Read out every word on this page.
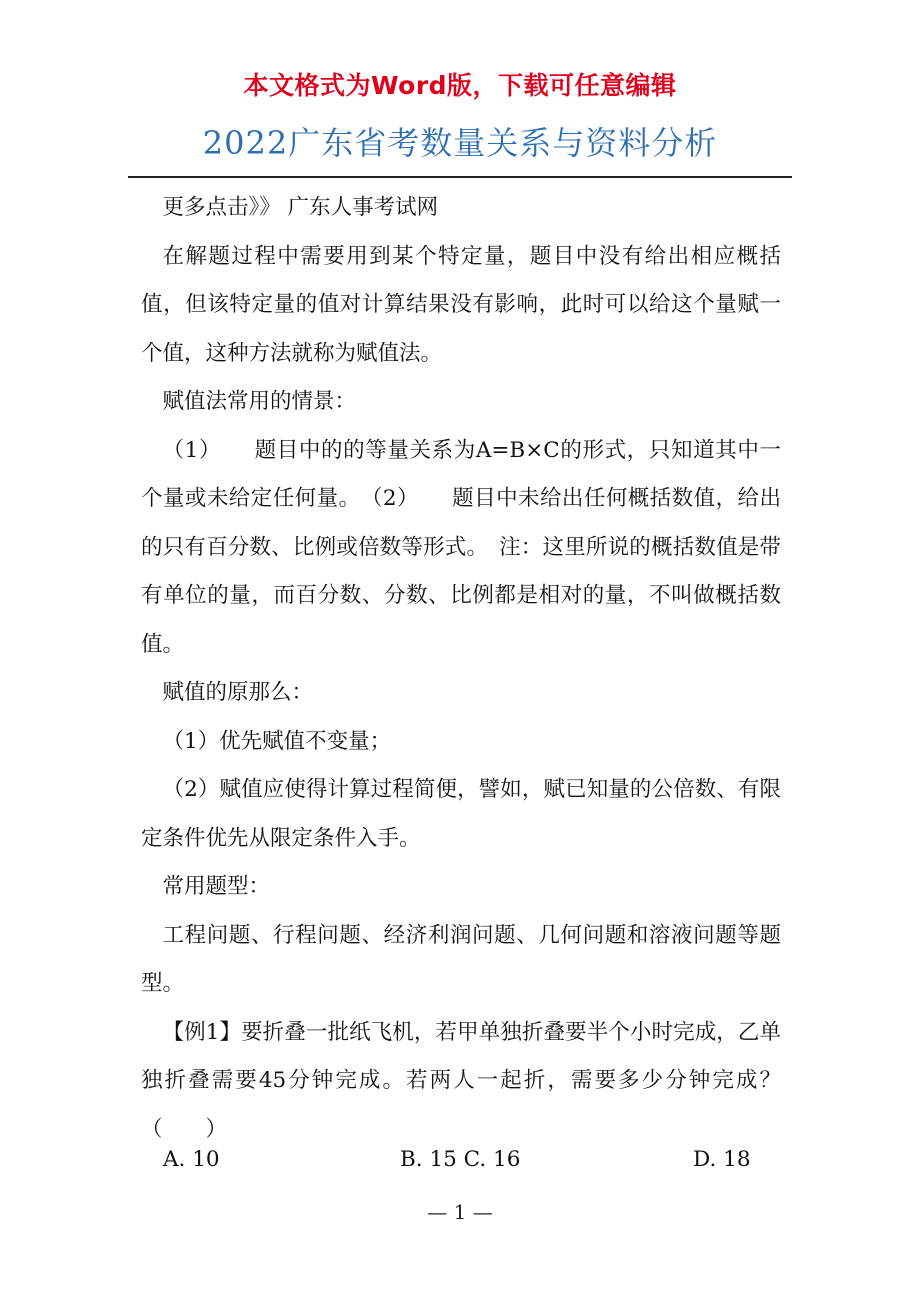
本文格式为Word版，下载可任意编辑
2022广东省考数量关系与资料分析

更多点击》》 广东人事考试网

在解题过程中需要用到某个特定量，题目中没有给出相应概括值，但该特定量的值对计算结果没有影响，此时可以给这个量赋一个值，这种方法就称为赋值法。

赋值法常用的情景：

（1）　　题目中的的等量关系为A=B×C的形式，只知道其中一个量或未给定任何量。　（2）　　题目中未给出任何概括数值，给出的只有百分数、比例或倍数等形式。　注：这里所说的概括数值是带有单位的量，而百分数、分数、比例都是相对的量，不叫做概括数值。

赋值的原那么：

（1）优先赋值不变量；

（2）赋值应使得计算过程简便，譬如，赋已知量的公倍数、有限定条件优先从限定条件入手。

常用题型：

工程问题、行程问题、经济利润问题、几何问题和溶液问题等题型。

【例1】要折叠一批纸飞机，若甲单独折叠要半个小时完成，乙单独折叠需要45分钟完成。若两人一起折，需要多少分钟完成？（　　）

A. 10	B. 15 C. 16	D. 18
— 1 —
